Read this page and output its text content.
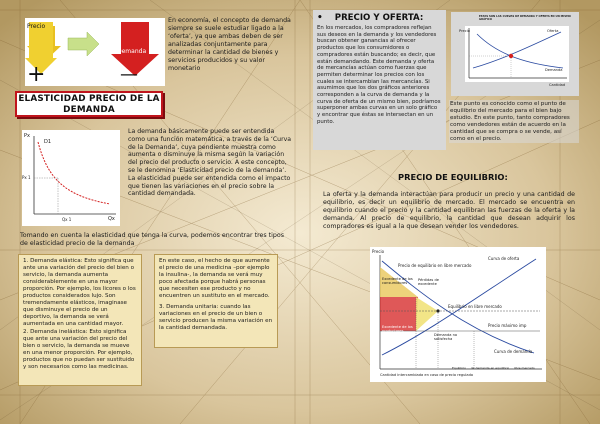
Precio
Demanda
+	—

En economía, el concepto de demanda siempre se suele estudiar ligado a la ‘oferta’, ya que ambas deben de ser analizadas conjuntamente para determinar la cantidad de bienes y servicios producidos y su valor monetario

ELASTICIDAD PRECIO DE LA DEMANDA
Px
D1
Px 1
Qx 1	Qx

La demanda básicamente puede ser entendida como una función matemática, a través de la ‘Curva de la Demanda’, cuya pendiente muestra como aumenta o disminuye la misma según la variación del precio del producto o servicio. A este concepto, se le denomina ‘Elasticidad precio de la demanda’. La elasticidad puede ser entendida como el impacto que tienen las variaciones en el precio sobre la cantidad demandada.

Tomando en cuenta la elasticidad que tenga la curva, podemos encontrar tres tipos de elasticidad precio de la demanda

1. Demanda elástica: Esto significa que ante una variación del precio del bien o servicio, la demanda aumenta considerablemente en una mayor proporción. Por ejemplo, los licores o los productos considerados lujo. Son tremendamente elásticos, imaginase que disminuye el precio de un deportivo, la demanda se verá aumentada en una cantidad mayor.

2. Demanda inelástica: Esto significa que ante una variación del precio del bien o servicio, la demanda se mueve en una menor proporción. Por ejemplo, productos que no puedan ser sustituido y son necesarios como las medicinas.

En este caso, el hecho de que aumente el precio de una medicina –por ejemplo la insulina-, la demanda se verá muy poco afectada porque habrá personas que necesiten ese producto y no encuentren un sustituto en el mercado.

3. Demanda unitaria: cuando las variaciones en el precio de un bien o servicio producen la misma variación en la cantidad demandada.

• PRECIO Y OFERTA:

En los mercados, los compradores reflejan sus deseos en la demanda y los vendedores buscan obtener ganancias al ofrecer productos que los consumidores o compradores están buscando; es decir, que están demandando. Este demanda y oferta de mercancías actúan como fuerzas que permiten determinar los precios con los cuales se intercambian las mercancías. Si asumimos que los dos gráficos anteriores corresponden a la curva de demanda y la curva de oferta de un mismo bien, podríamos superponer ambas curvas en un solo gráfico y encontrar que éstas se intersectan en un punto.

ESTAS SON LAS CURVAS DE DEMANDA Y OFERTA EN UN MISMO GRÁFICO
Precio	Oferta
Demanda
Cantidad

Este punto es conocido como el punto de equilibrio del mercado para el bien bajo estudio. En este punto, tanto compradores como vendedores están de acuerdo en la cantidad que se compra o se vende, así como en el precio.

PRECIO DE EQUILIBRIO:

La oferta y la demanda interactúan para producir un precio y una cantidad de equilibrio, es decir un equilibrio de mercado. El mercado se encuentra en equilibrio cuando el precio y la cantidad equilibran las fuerzas de la oferta y la demanda. Al precio de equilibrio, la cantidad que desean adquirir los compradores es igual a la que desean vender los vendedores.

Precio
Curva de oferta
Precio de equilibrio en libre mercado
Excedente de los consumidores
Pérdidas de excedente
Equilibrio en libre mercado
Precio máximo imp
Excedente de los productores
Demanda no satisfecha
Curva de demanda
Cantidad intercambiada en caso de precio regulado
Equilibrio ... de demanda en equilibrio ... libre mercado
